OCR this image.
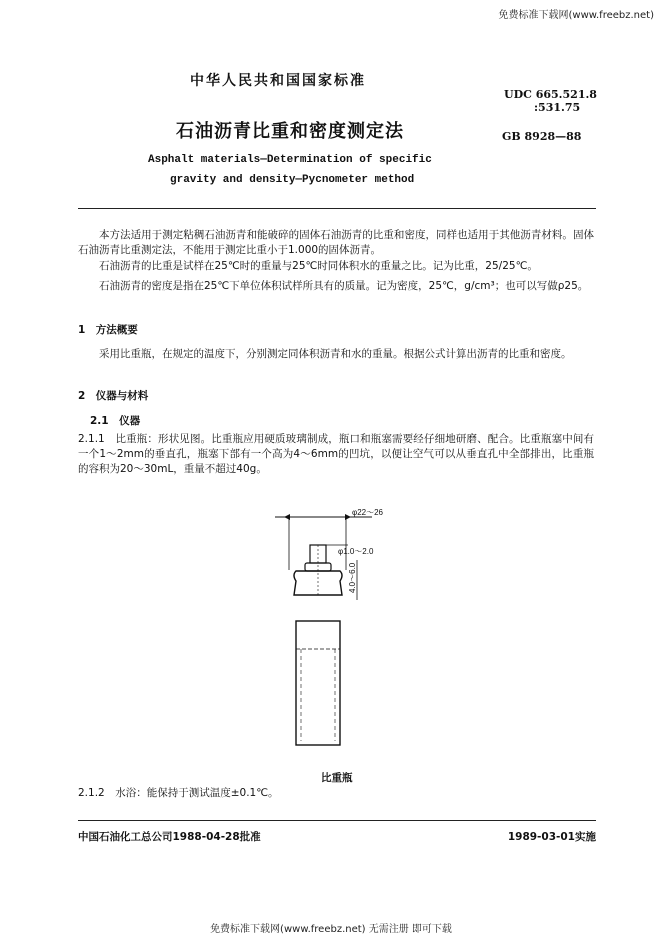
免费标准下载网(www.freebz.net)
中华人民共和国国家标准
UDC 665.521.8
:531.75
石油沥青比重和密度测定法	GB 8928—88
Asphalt materials—Determination of specific
gravity and density—Pycnometer method
本方法适用于测定粘稠石油沥青和能破碎的固体石油沥青的比重和密度，同样也适用于其他沥青材料。固体石油沥青比重测定法，不能用于测定比重小于1.000的固体沥青。
石油沥青的比重是试样在25℃时的重量与25℃时同体积水的重量之比。记为比重，25/25℃。
石油沥青的密度是指在25℃下单位体积试样所具有的质量。记为密度，25℃，g/cm³；也可以写做ρ25。
1　方法概要
采用比重瓶，在规定的温度下，分别测定同体积沥青和水的重量。根据公式计算出沥青的比重和密度。
2　仪器与材料
2.1　仪器
2.1.1　比重瓶：形状见图。比重瓶应用硬质玻璃制成，瓶口和瓶塞需要经仔细地研磨、配合。比重瓶塞中间有一个1～2mm的垂直孔，瓶塞下部有一个高为4～6mm的凹坑，以便让空气可以从垂直孔中全部排出，比重瓶的容积为20～30mL，重量不超过40g。
φ22～26
φ1.0～2.0
4.0～6.0
比重瓶
2.1.2　水浴：能保持于测试温度±0.1℃。
中国石油化工总公司1988-04-28批准	1989-03-01实施
免费标准下载网(www.freebz.net) 无需注册 即可下载
